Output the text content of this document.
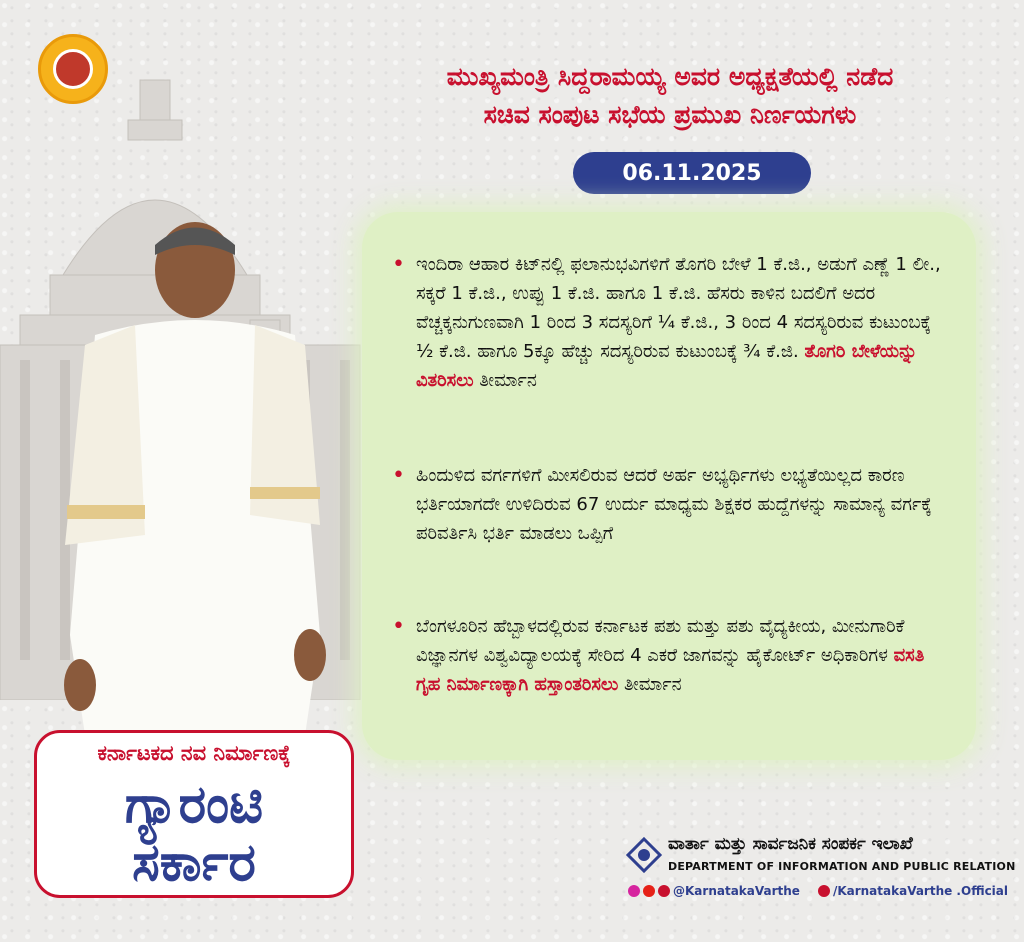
ಮುಖ್ಯಮಂತ್ರಿ ಸಿದ್ದರಾಮಯ್ಯ ಅವರ ಅಧ್ಯಕ್ಷತೆಯಲ್ಲಿ ನಡೆದ
ಸಚಿವ ಸಂಪುಟ ಸಭೆಯ ಪ್ರಮುಖ ನಿರ್ಣಯಗಳು
06.11.2025
• ಇಂದಿರಾ ಆಹಾರ ಕಿಟ್‌ನಲ್ಲಿ ಫಲಾನುಭವಿಗಳಿಗೆ ತೊಗರಿ ಬೇಳೆ 1 ಕೆ.ಜಿ., ಅಡುಗೆ ಎಣ್ಣೆ 1 ಲೀ., ಸಕ್ಕರೆ 1 ಕೆ.ಜಿ., ಉಪ್ಪು 1 ಕೆ.ಜಿ. ಹಾಗೂ 1 ಕೆ.ಜಿ. ಹೆಸರು ಕಾಳಿನ ಬದಲಿಗೆ ಅದರ ವೆಚ್ಚಕ್ಕನುಗುಣವಾಗಿ 1 ರಿಂದ 3 ಸದಸ್ಯರಿಗೆ ¼ ಕೆ.ಜಿ., 3 ರಿಂದ 4 ಸದಸ್ಯರಿರುವ ಕುಟುಂಬಕ್ಕೆ ½ ಕೆ.ಜಿ. ಹಾಗೂ 5ಕ್ಕೂ ಹೆಚ್ಚು ಸದಸ್ಯರಿರುವ ಕುಟುಂಬಕ್ಕೆ ¾ ಕೆ.ಜಿ. ತೊಗರಿ ಬೇಳೆಯನ್ನು ವಿತರಿಸಲು ತೀರ್ಮಾನ
• ಹಿಂದುಳಿದ ವರ್ಗಗಳಿಗೆ ಮೀಸಲಿರುವ ಆದರೆ ಅರ್ಹ ಅಭ್ಯರ್ಥಿಗಳು ಲಭ್ಯತೆಯಿಲ್ಲದ ಕಾರಣ ಭರ್ತಿಯಾಗದೇ ಉಳಿದಿರುವ 67 ಉರ್ದು ಮಾಧ್ಯಮ ಶಿಕ್ಷಕರ ಹುದ್ದೆಗಳನ್ನು ಸಾಮಾನ್ಯ ವರ್ಗಕ್ಕೆ ಪರಿವರ್ತಿಸಿ ಭರ್ತಿ ಮಾಡಲು ಒಪ್ಪಿಗೆ
• ಬೆಂಗಳೂರಿನ ಹೆಬ್ಬಾಳದಲ್ಲಿರುವ ಕರ್ನಾಟಕ ಪಶು ಮತ್ತು ಪಶು ವೈದ್ಯಕೀಯ, ಮೀನುಗಾರಿಕೆ ವಿಜ್ಞಾನಗಳ ವಿಶ್ವವಿದ್ಯಾಲಯಕ್ಕೆ ಸೇರಿದ 4 ಎಕರೆ ಜಾಗವನ್ನು ಹೈಕೋರ್ಟ್ ಅಧಿಕಾರಿಗಳ ವಸತಿ ಗೃಹ ನಿರ್ಮಾಣಕ್ಕಾಗಿ ಹಸ್ತಾಂತರಿಸಲು ತೀರ್ಮಾನ
ಕರ್ನಾಟಕದ ನವ ನಿರ್ಮಾಣಕ್ಕೆ
ಗ್ಯಾರಂಟಿ
ಸರ್ಕಾರ	ವಾರ್ತಾ ಮತ್ತು ಸಾರ್ವಜನಿಕ ಸಂಪರ್ಕ ಇಲಾಖೆ
DEPARTMENT OF INFORMATION AND PUBLIC RELATION
@KarnatakaVarthe	/KarnatakaVarthe .Official
